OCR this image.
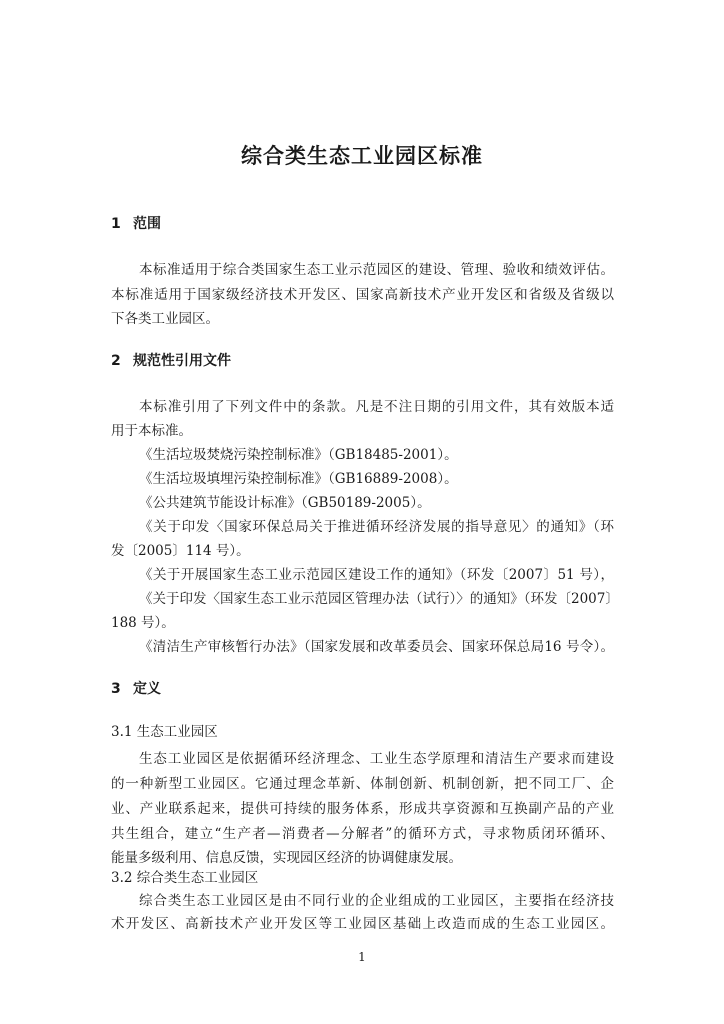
综合类生态工业园区标准
1 范围
本标准适用于综合类国家生态工业示范园区的建设、管理、验收和绩效评估。
本标准适用于国家级经济技术开发区、国家高新技术产业开发区和省级及省级以
下各类工业园区。
2 规范性引用文件
本标准引用了下列文件中的条款。凡是不注日期的引用文件，其有效版本适
用于本标准。
《生活垃圾焚烧污染控制标准》（GB18485-2001）。
《生活垃圾填埋污染控制标准》（GB16889-2008）。
《公共建筑节能设计标准》（GB50189-2005）。
《关于印发〈国家环保总局关于推进循环经济发展的指导意见〉的通知》（环
发〔2005〕114 号）。
《关于开展国家生态工业示范园区建设工作的通知》（环发〔2007〕51 号），
《关于印发〈国家生态工业示范园区管理办法（试行）〉的通知》（环发〔2007〕
188 号）。
《清洁生产审核暂行办法》（国家发展和改革委员会、国家环保总局16 号令）。
3 定义
3.1 生态工业园区
生态工业园区是依据循环经济理念、工业生态学原理和清洁生产要求而建设
的一种新型工业园区。它通过理念革新、体制创新、机制创新，把不同工厂、企
业、产业联系起来，提供可持续的服务体系，形成共享资源和互换副产品的产业
共生组合，建立“生产者—消费者—分解者”的循环方式，寻求物质闭环循环、
能量多级利用、信息反馈，实现园区经济的协调健康发展。
3.2 综合类生态工业园区
综合类生态工业园区是由不同行业的企业组成的工业园区，主要指在经济技
术开发区、高新技术产业开发区等工业园区基础上改造而成的生态工业园区。
1
